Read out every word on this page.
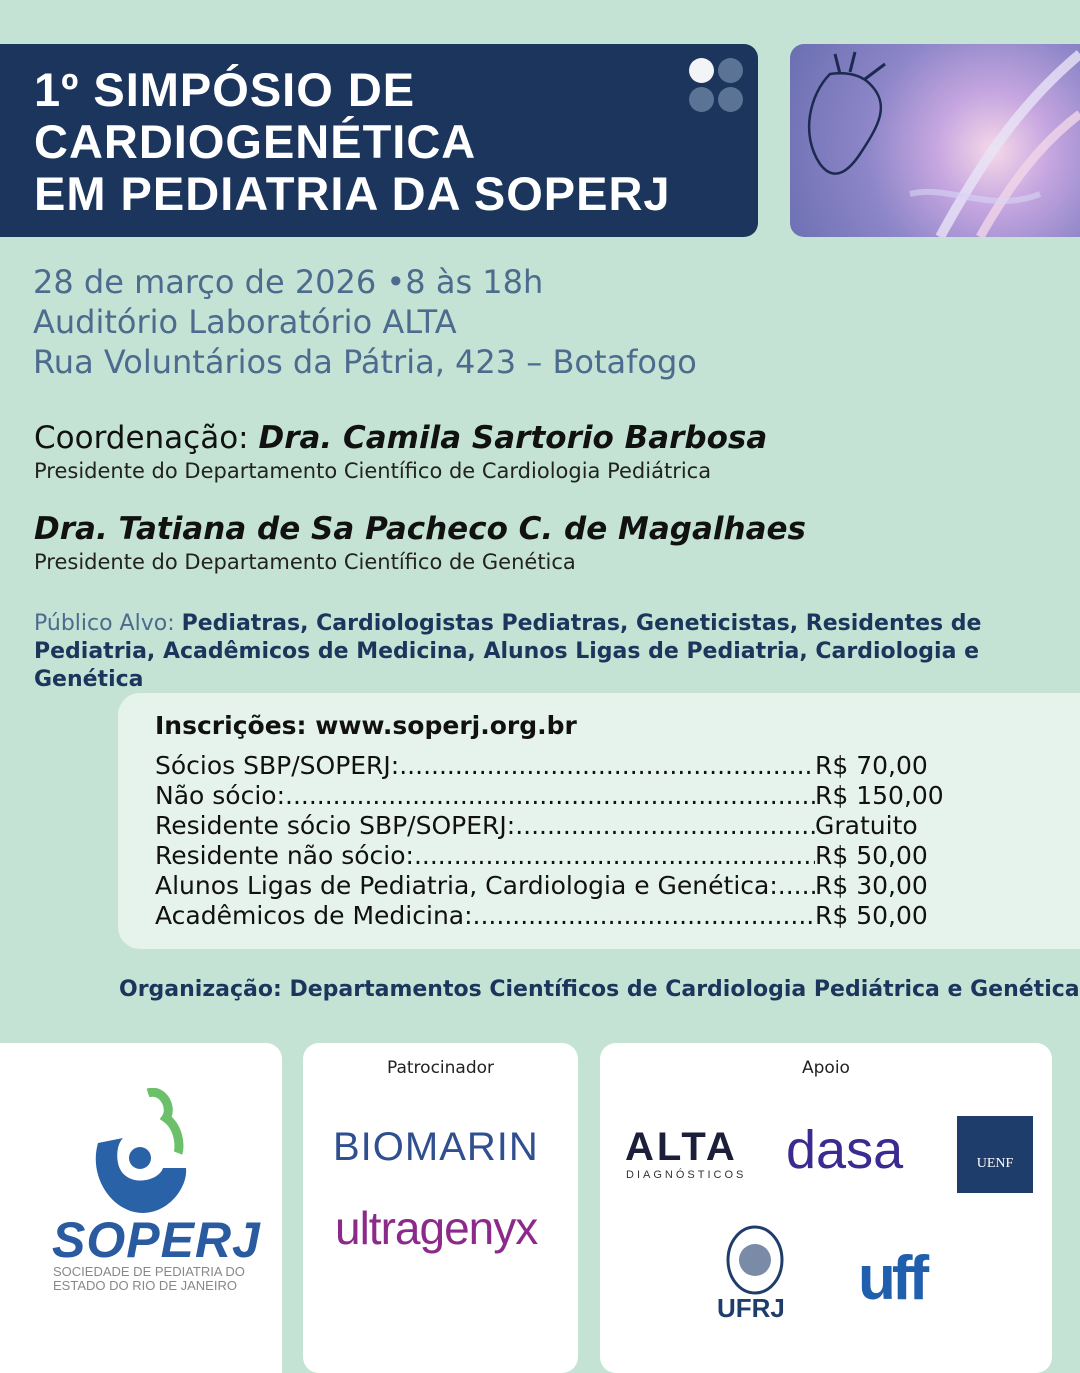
1º SIMPÓSIO DE
CARDIOGENÉTICA
EM PEDIATRIA DA SOPERJ
28 de março de 2026 •8 às 18h
Auditório Laboratório ALTA
Rua Voluntários da Pátria, 423 – Botafogo
Coordenação: Dra. Camila Sartorio Barbosa
Presidente do Departamento Científico de Cardiologia Pediátrica
Dra. Tatiana de Sa Pacheco C. de Magalhaes
Presidente do Departamento Científico de Genética
Público Alvo: Pediatras, Cardiologistas Pediatras, Geneticistas, Residentes de Pediatria, Acadêmicos de Medicina, Alunos Ligas de Pediatria, Cardiologia e Genética
Inscrições: www.soperj.org.br
Sócios SBP/SOPERJ: .....	R$ 70,00
Não sócio: .....	R$ 150,00
Residente sócio SBP/SOPERJ: .....	Gratuito
Residente não sócio: .....	R$ 50,00
Alunos Ligas de Pediatria, Cardiologia e Genética: ..... R$ 30,00
Acadêmicos de Medicina: .....	R$ 50,00
Organização: Departamentos Científicos de Cardiologia Pediátrica e Genética
SOPERJ
SOCIEDADE DE PEDIATRIA DO
ESTADO DO RIO DE JANEIRO
Patrocinador
BIOMARIN
ultragenyx
Apoio
ALTA
DIAGNÓSTICOS dasa	UENF
UFRJ uff
